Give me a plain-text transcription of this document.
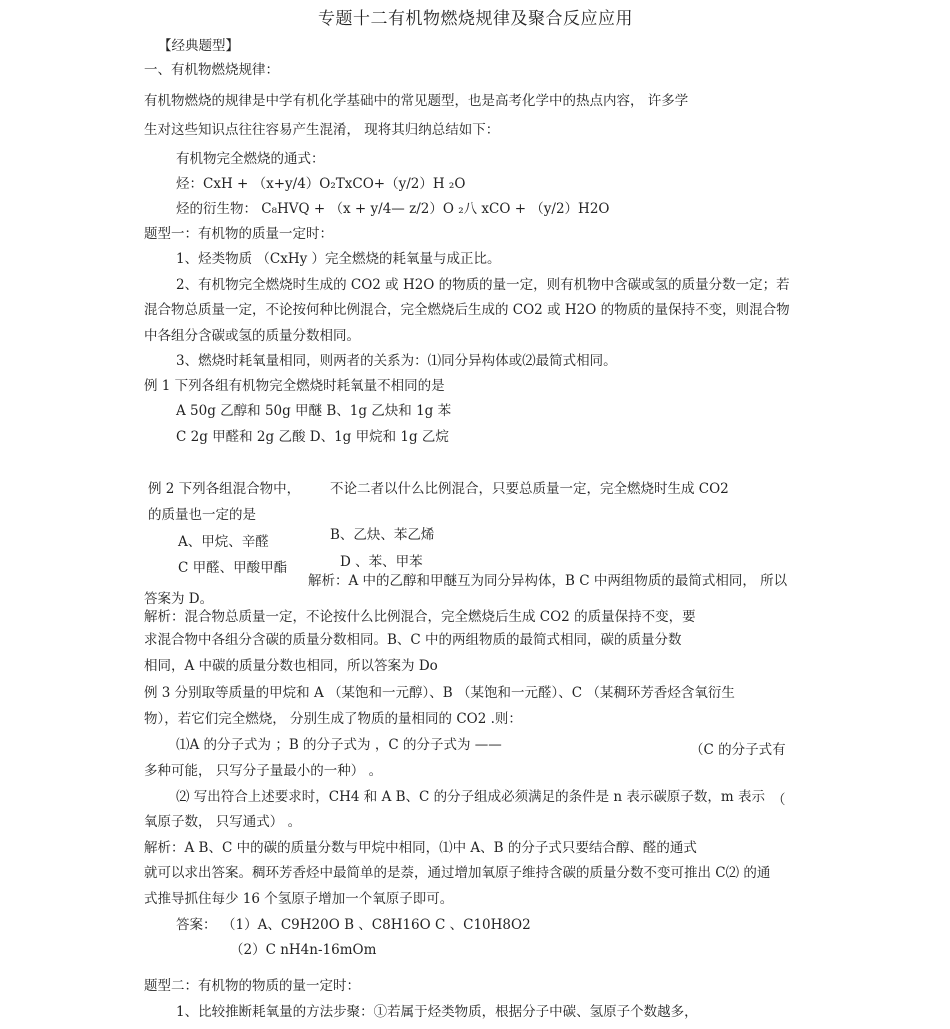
专题十二有机物燃烧规律及聚合反应应用
【经典题型】
一、有机物燃烧规律：
有机物燃烧的规律是中学有机化学基础中的常见题型，也是高考化学中的热点内容， 许多学
生对这些知识点往往容易产生混淆， 现将其归纳总结如下：
有机物完全燃烧的通式：
烃：CxH + （x+y/4）O₂TxCO+（y/2）H ₂O
烃的衍生物： C₈HVQ + （x + y/4— z/2）O ₂八 xCO + （y/2）H2O
题型一：有机物的质量一定时：
1、烃类物质 （CxHy ）完全燃烧的耗氧量与成正比。
2、有机物完全燃烧时生成的 CO2 或 H2O 的物质的量一定，则有机物中含碳或氢的质量分数一定；若
混合物总质量一定，不论按何种比例混合，完全燃烧后生成的 CO2 或 H2O 的物质的量保持不变，则混合物
中各组分含碳或氢的质量分数相同。
3、燃烧时耗氧量相同，则两者的关系为：⑴同分异构体或⑵最简式相同。
例 1 下列各组有机物完全燃烧时耗氧量不相同的是
A 50g 乙醇和 50g 甲醚 B、1g 乙炔和 1g 苯
C 2g 甲醛和 2g 乙酸 D、1g 甲烷和 1g 乙烷
例 2 下列各组混合物中， 不论二者以什么比例混合，只要总质量一定，完全燃烧时生成 CO2
的质量也一定的是
B、乙炔、苯乙烯
A、甲烷、辛醛
D 、苯、甲苯
C 甲醛、甲酸甲酯
解析：A 中的乙醇和甲醚互为同分异构体，B C 中两组物质的最简式相同， 所以
答案为 D。
解析：混合物总质量一定，不论按什么比例混合，完全燃烧后生成 CO2 的质量保持不变，要
求混合物中各组分含碳的质量分数相同。B、C 中的两组物质的最简式相同，碳的质量分数
相同，A 中碳的质量分数也相同，所以答案为 Do
例 3 分别取等质量的甲烷和 A （某饱和一元醇）、B （某饱和一元醛）、C （某稠环芳香烃含氧衍生
物），若它们完全燃烧， 分别生成了物质的量相同的 CO2 .则：
⑴A 的分子式为 ；B 的分子式为 ，C 的分子式为 ——	（C 的分子式有
多种可能， 只写分子量最小的一种） 。
⑵ 写出符合上述要求时，CH4 和 A B、C 的分子组成必须满足的条件是 n 表示碳原子数，m 表示 （
氧原子数， 只写通式） 。
解析：A B、C 中的碳的质量分数与甲烷中相同，⑴中 A、B 的分子式只要结合醇、醛的通式
就可以求出答案。稠环芳香烃中最简单的是萘，通过增加氧原子维持含碳的质量分数不变可推出 C⑵ 的通
式推导抓住每少 16 个氢原子增加一个氧原子即可。
答案： （1）A、C9H20O B 、C8H16O C 、C10H8O2
（2）C nH4n-16mOm
题型二：有机物的物质的量一定时：
1、比较推断耗氧量的方法步聚：①若属于烃类物质，根据分子中碳、氢原子个数越多，
